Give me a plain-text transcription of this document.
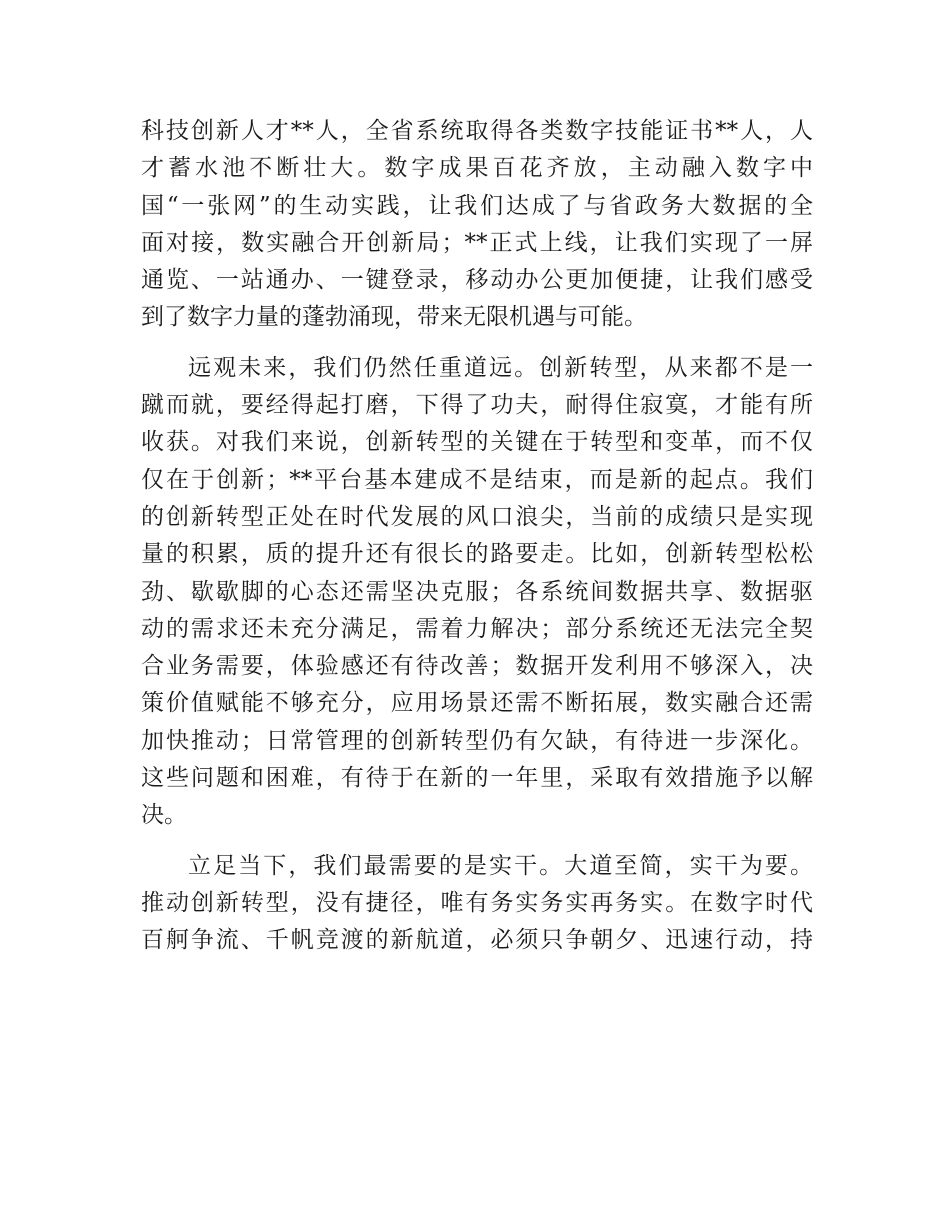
科技创新人才**人，全省系统取得各类数字技能证书**人，人
才蓄水池不断壮大。数字成果百花齐放，主动融入数字中
国“一张网”的生动实践，让我们达成了与省政务大数据的全
面对接，数实融合开创新局；**正式上线，让我们实现了一屏
通览、一站通办、一键登录，移动办公更加便捷，让我们感受
到了数字力量的蓬勃涌现，带来无限机遇与可能。
远观未来，我们仍然任重道远。创新转型，从来都不是一
蹴而就，要经得起打磨，下得了功夫，耐得住寂寞，才能有所
收获。对我们来说，创新转型的关键在于转型和变革，而不仅
仅在于创新；**平台基本建成不是结束，而是新的起点。我们
的创新转型正处在时代发展的风口浪尖，当前的成绩只是实现
量的积累，质的提升还有很长的路要走。比如，创新转型松松
劲、歇歇脚的心态还需坚决克服；各系统间数据共享、数据驱
动的需求还未充分满足，需着力解决；部分系统还无法完全契
合业务需要，体验感还有待改善；数据开发利用不够深入，决
策价值赋能不够充分，应用场景还需不断拓展，数实融合还需
加快推动；日常管理的创新转型仍有欠缺，有待进一步深化。
这些问题和困难，有待于在新的一年里，采取有效措施予以解
决。
立足当下，我们最需要的是实干。大道至简，实干为要。
推动创新转型，没有捷径，唯有务实务实再务实。在数字时代
百舸争流、千帆竞渡的新航道，必须只争朝夕、迅速行动，持
